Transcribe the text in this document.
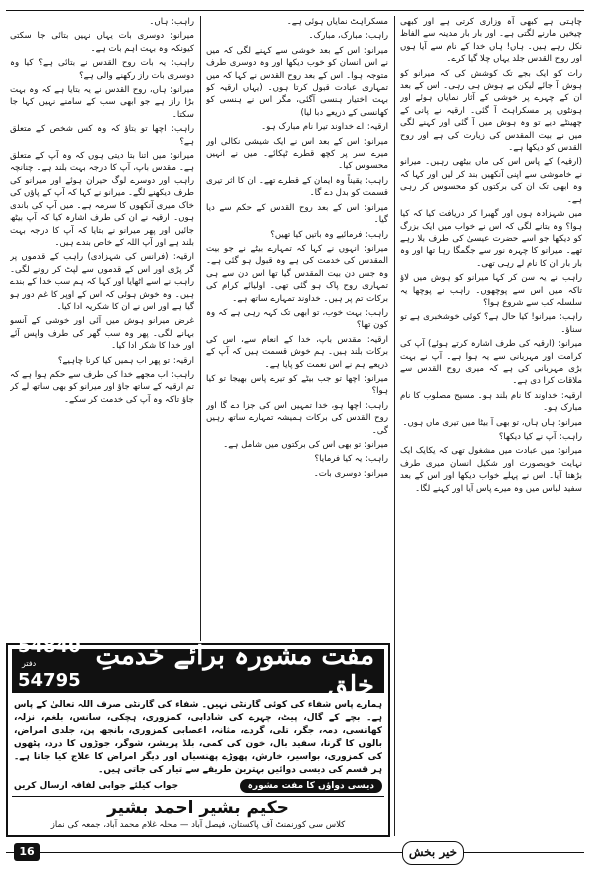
چاہتی ہے کبھی آہ وزاری کرتی ہے اور کبھی چیخیں مارنے لگتی ہے۔ اور بار بار مدینہ سے الفاظ نکل رہے ہیں۔ ہاں! ہاں خدا کے نام سے آیا ہوں اور روح القدس جلد یہاں چلا گیا کرے۔

رات کو ایک بجے تک کوشش کی کہ میرانو کو ہوش آ جائے لیکن بے ہوش ہی رہی۔ اس کے بعد ان کے چہرے پر خوشی کے آثار نمایاں ہوئے اور ہونٹوں پر مسکراہٹ آ گئی۔ ارقیہ نے پانی کے چھینٹے دیے تو وہ ہوش میں آ گئی اور کہنے لگی میں نے بیت المقدس کی زیارت کی ہے اور روح القدس کو دیکھا ہے۔

(ارقیہ) کے پاس اس کی ماں بیٹھی رہیں۔ میرانو نے خاموشی سے اپنی آنکھیں بند کر لیں اور کہا کہ وہ ابھی تک ان کی برکتوں کو محسوس کر رہی ہے۔

میں شہزادہ ہوں اور گھبرا کر دریافت کیا کہ کیا ہوا؟ وہ بتانے لگی کہ اس نے خواب میں ایک بزرگ کو دیکھا جو اسے حضرت عیسیٰ کی طرف بلا رہے تھے۔ میرانو کا چہرہ نور سے جگمگا رہا تھا اور وہ بار بار ان کا نام لے رہی تھی۔

راہب نے یہ سن کر کہا میرانو کو ہوش میں لاؤ تاکہ میں اس سے پوچھوں۔ راہب نے پوچھا یہ سلسلہ کب سے شروع ہوا؟

راہب: میرانو! کیا حال ہے؟ کوئی خوشخبری ہے تو سناؤ۔

میرانو: (ارقیہ کی طرف اشارہ کرتے ہوئے) آپ کی کرامت اور مہربانی سے یہ ہوا ہے۔ آپ نے بہت بڑی مہربانی کی ہے کہ میری روح القدس سے ملاقات کرا دی ہے۔

ارقیہ: خداوند کا نام بلند ہو۔ مسیح مصلوب کا نام مبارک ہو۔

میرانو: ہاں ہاں، تو بھی آ بیٹا میں تیری ماں ہوں۔

راہب: آپ نے کیا دیکھا؟

میرانو: میں عبادت میں مشغول تھی کہ یکایک ایک نہایت خوبصورت اور شکیل انسان میری طرف بڑھتا آیا۔ اس نے پہلے خواب دیکھا اور اس کے بعد سفید لباس میں وہ میرے پاس آیا اور کہنے لگا۔

مسکراہٹ نمایاں ہوئی ہے۔

راہب: مبارک، مبارک۔

میرانو: اس کے بعد خوشی سے کہنے لگی کہ میں نے اس انسان کو خوب دیکھا اور وہ دوسری طرف متوجہ ہوا۔ اس کے بعد روح القدس نے کہا کہ میں تمہاری عبادت قبول کرتا ہوں۔ (یہاں ارقیہ کو بہت اختیار ہنسی آگئی، مگر اس نے ہنسی کو کھانسی کے ذریعے دبا لیا)

ارقیہ: اے خداوند تیرا نام مبارک ہو۔

میرانو: اس کے بعد اس نے ایک شیشی نکالی اور میرے سر پر کچھ قطرے ٹپکائے۔ میں نے انہیں محسوس کیا۔

راہب: یقیناً وہ ایمان کے قطرے تھے۔ ان کا اثر تیری قسمت کو بدل دے گا۔

میرانو: اس کے بعد روح القدس کے حکم سے دیا گیا۔

راہب: فرمائیے وہ باتیں کیا تھیں؟

میرانو: انہوں نے کہا کہ تمہارے بیٹے نے جو بیت المقدس کی خدمت کی ہے وہ قبول ہو گئی ہے۔ وہ جس دن بیت المقدس گیا تھا اس دن سے ہی تمہاری روح پاک ہو گئی تھی۔ اولیائے کرام کی برکات تم پر ہیں۔ خداوند تمہارے ساتھ ہے۔

راہب: بہت خوب، تو ابھی تک کہہ رہی ہے کہ وہ کون تھا؟

ارقیہ: مقدس باپ، خدا کے انعام سے، اس کی برکات بلند ہیں۔ ہم خوش قسمت ہیں کہ آپ کے ذریعے ہم نے اس نعمت کو پایا ہے۔

میرانو: اچھا تو جب بیٹے کو تیرے پاس بھیجا تو کیا ہوا؟

راہب: اچھا ہو، خدا تمہیں اس کی جزا دے گا اور روح القدس کی برکات ہمیشہ تمہارے ساتھ رہیں گی۔

میرانو: تو بھی اس کی برکتوں میں شامل ہے۔

راہب: یہ کیا فرمایا؟

میرانو: دوسری بات۔

راہب: ہاں۔

میرانو: دوسری بات یہاں نہیں بتائی جا سکتی کیونکہ وہ بہت اہم بات ہے۔

راہب: یہ بات روح القدس نے بتائی ہے؟ کیا وہ دوسری بات راز رکھنے والی ہے؟

میرانو: ہاں، روح القدس نے یہ بتایا ہے کہ وہ بہت بڑا راز ہے جو ابھی سب کے سامنے نہیں کہا جا سکتا۔

راہب: اچھا تو بتاؤ کہ وہ کس شخص کے متعلق ہے؟

میرانو: میں اتنا بتا دیتی ہوں کہ وہ آپ کے متعلق ہے۔ مقدس باپ، آپ کا درجہ بہت بلند ہے۔ چنانچہ راہب اور دوسرے لوگ حیران ہوئے اور میرانو کی طرف دیکھنے لگے۔ میرانو نے کہا کہ آپ کے پاؤں کی خاک میری آنکھوں کا سرمہ ہے۔ میں آپ کی باندی ہوں۔ ارقیہ نے ان کی طرف اشارہ کیا کہ آپ بیٹھ جائیں اور پھر میرانو نے بتایا کہ آپ کا درجہ بہت بلند ہے اور آپ اللہ کے خاص بندے ہیں۔

ارقیہ: (فرانس کی شہزادی) راہب کے قدموں پر گر پڑی اور اس کے قدموں سے لپٹ کر رونے لگی۔ راہب نے اسے اٹھایا اور کہا کہ ہم سب خدا کے بندے ہیں۔ وہ خوش ہوئی کہ اس کے اوپر کا غم دور ہو گیا ہے اور اس نے ان کا شکریہ ادا کیا۔

غرض میرانو ہوش میں آئی اور خوشی کے آنسو بہانے لگی۔ پھر وہ سب گھر کی طرف واپس آئے اور خدا کا شکر ادا کیا۔

ارقیہ: تو پھر اب ہمیں کیا کرنا چاہیے؟

راہب: اب مجھے خدا کی طرف سے حکم ہوا ہے کہ تم ارقیہ کے ساتھ جاؤ اور میرانو کو بھی ساتھ لے کر جاؤ تاکہ وہ آپ کی خدمت کر سکے۔

54840 دفتر
54795 رہائش
مفت مشورہ برائے خدمتِ خلق
ہمارے پاس شفاء کی کوئی گارنٹی نہیں۔ شفاء کی گارنٹی صرف اللہ تعالیٰ کے پاس ہے۔ بچے کے گال، پیٹ، چہرے کی شادابی، کمزوری، ہچکی، سانس، بلغم، نزلہ، کھانسی، دمہ، جگر، تلی، گردے، مثانہ، اعصابی کمزوری، بانجھ پن، جلدی امراض، بالوں کا گرنا، سفید بال، خون کی کمی، بلڈ پریشر، شوگر، جوڑوں کا درد، پٹھوں کی کمزوری، بواسیر، خارش، پھوڑے پھنسیاں اور دیگر امراض کا علاج کیا جاتا ہے۔ ہر قسم کی دیسی دوائیں بہترین طریقے سے تیار کی جاتی ہیں۔
دیسی دواؤں کا مفت مشورہ
جواب کیلئے جوابی لفافہ ارسال کریں
حکیم بشیر احمد بشیر
کلاس سی کورنمنٹ آف پاکستان، فیصل آباد — محلہ غلام محمد آباد، جمعہ کی نماز
16	خیر بخش
